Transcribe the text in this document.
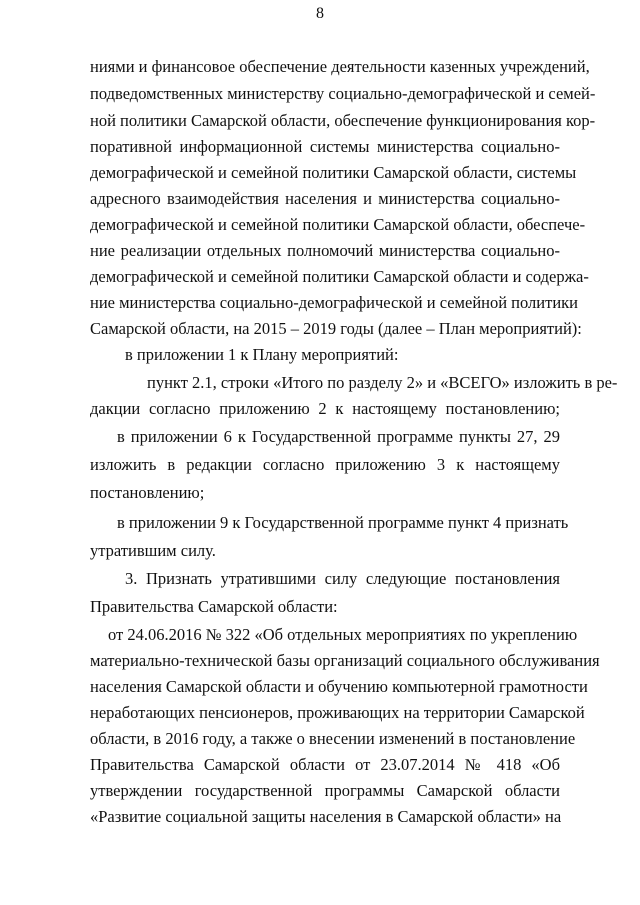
8
ниями и финансовое обеспечение деятельности казенных учреждений,
подведомственных министерству социально-демографической и семей-
ной политики Самарской области, обеспечение функционирования кор-
поративной информационной системы министерства социально-
демографической и семейной политики Самарской области, системы
адресного взаимодействия населения и министерства социально-
демографической и семейной политики Самарской области, обеспече-
ние реализации отдельных полномочий министерства социально-
демографической и семейной политики Самарской области и содержа-
ние министерства социально-демографической и семейной политики
Самарской области, на 2015 – 2019 годы (далее – План мероприятий):
в приложении 1 к Плану мероприятий:
пункт 2.1, строки «Итого по разделу 2» и «ВСЕГО» изложить в ре-
дакции согласно приложению 2 к настоящему постановлению;
в приложении 6 к Государственной программе пункты 27, 29
изложить в редакции согласно приложению 3 к настоящему
постановлению;
в приложении 9 к Государственной программе пункт 4 признать
утратившим силу.
3. Признать утратившими силу следующие постановления
Правительства Самарской области:
от 24.06.2016 № 322 «Об отдельных мероприятиях по укреплению
материально-технической базы организаций социального обслуживания
населения Самарской области и обучению компьютерной грамотности
неработающих пенсионеров, проживающих на территории Самарской
области, в 2016 году, а также о внесении изменений в постановление
Правительства Самарской области от 23.07.2014 № 418 «Об
утверждении государственной программы Самарской области
«Развитие социальной защиты населения в Самарской области» на
